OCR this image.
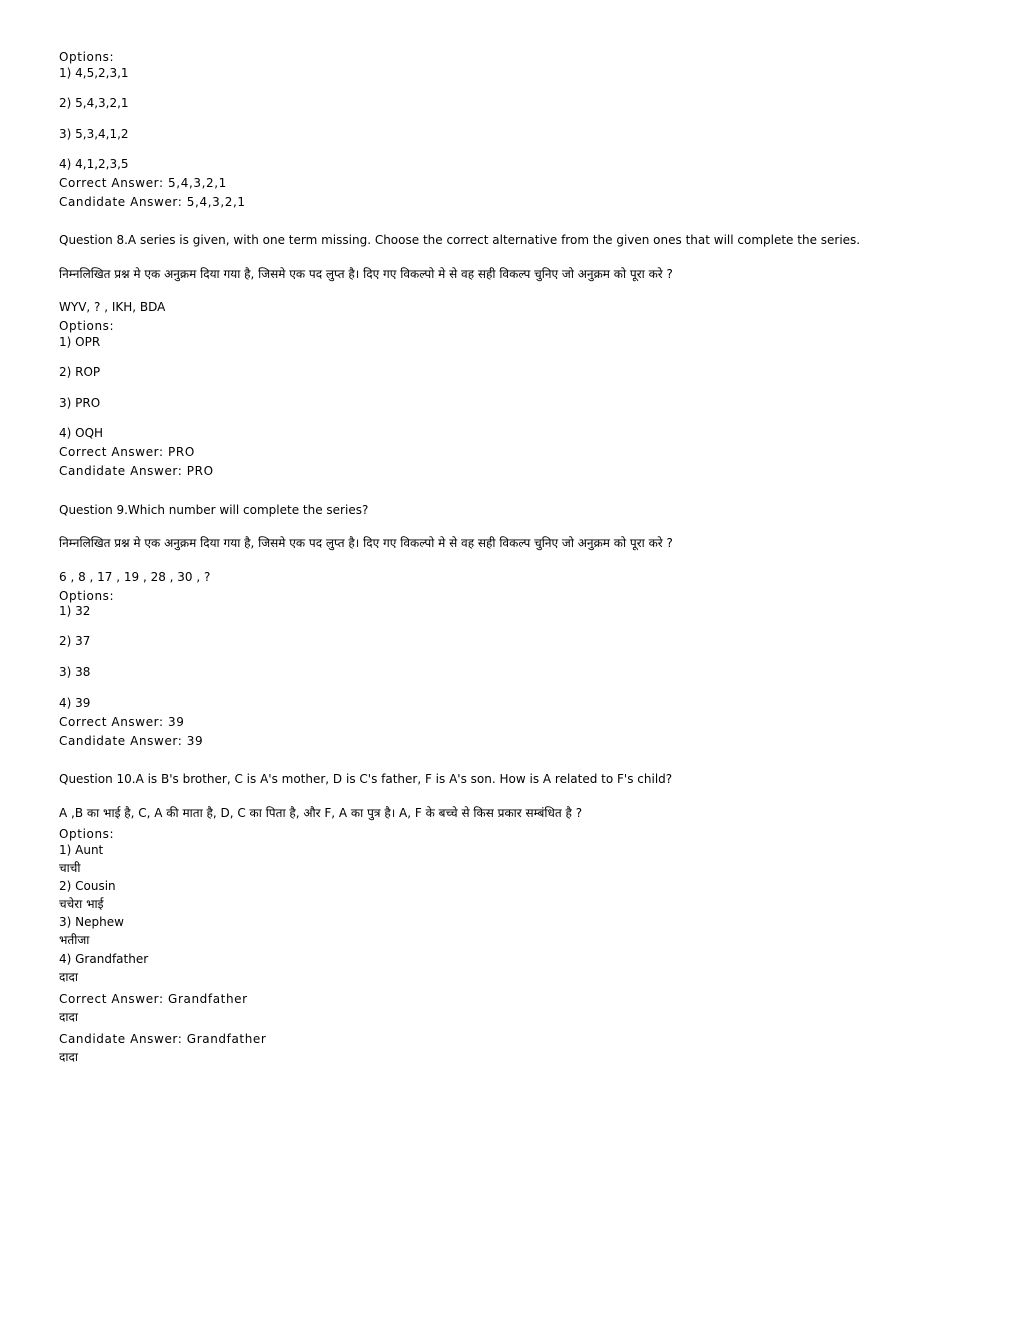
Options:
1) 4,5,2,3,1
2) 5,4,3,2,1
3) 5,3,4,1,2
4) 4,1,2,3,5
Correct Answer: 5,4,3,2,1
Candidate Answer: 5,4,3,2,1
Question 8.A series is given, with one term missing. Choose the correct alternative from the given ones that will complete the series.
निम्नलिखित प्रश्न मे एक अनुक्रम दिया गया है, जिसमे एक पद लुप्त है। दिए गए विकल्पो मे से वह सही विकल्प चुनिए जो अनुक्रम को पूरा करे ?
WYV, ? , IKH, BDA
Options:
1) OPR
2) ROP
3) PRO
4) OQH
Correct Answer: PRO
Candidate Answer: PRO
Question 9.Which number will complete the series?
निम्नलिखित प्रश्न मे एक अनुक्रम दिया गया है, जिसमे एक पद लुप्त है। दिए गए विकल्पो मे से वह सही विकल्प चुनिए जो अनुक्रम को पूरा करे ?
6 , 8 , 17 , 19 , 28 , 30 , ?
Options:
1) 32
2) 37
3) 38
4) 39
Correct Answer: 39
Candidate Answer: 39
Question 10.A is B's brother, C is A's mother, D is C's father, F is A's son. How is A related to F's child?
A ,B का भाई है, C, A की माता है, D, C का पिता है, और F, A का पुत्र है। A, F के बच्चे से किस प्रकार सम्बंधित है ?
Options:
1) Aunt
चाची
2) Cousin
चचेरा भाई
3) Nephew
भतीजा
4) Grandfather
दादा
Correct Answer: Grandfather
दादा
Candidate Answer: Grandfather
दादा
